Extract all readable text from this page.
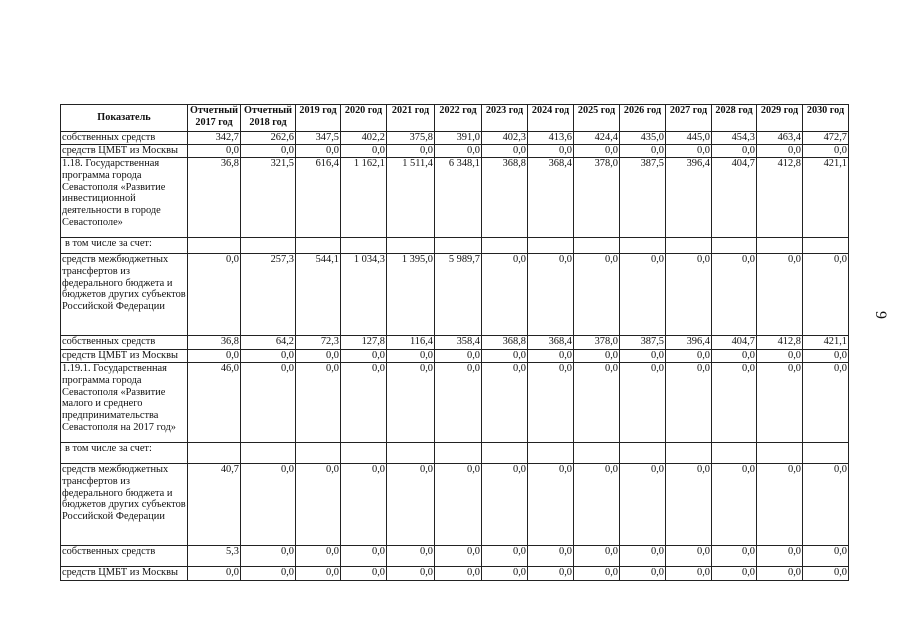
Показатель	Отчетный 2017 год	Отчетный 2018 год	2019 год	2020 год	2021 год	2022 год	2023 год	2024 год	2025 год	2026 год	2027 год	2028 год	2029 год	2030 год
собственных средств	342,7	262,6	347,5	402,2	375,8	391,0	402,3	413,6	424,4	435,0	445,0	454,3	463,4	472,7
средств ЦМБТ из Москвы	0,0	0,0	0,0	0,0	0,0	0,0	0,0	0,0	0,0	0,0	0,0	0,0	0,0	0,0
1.18. Государственная программа города Севастополя «Развитие инвестиционной деятельности в городе Севастополе»	36,8	321,5	616,4	1 162,1	1 511,4	6 348,1	368,8	368,4	378,0	387,5	396,4	404,7	412,8	421,1
в том числе за счет:														
средств межбюджетных трансфертов из федерального бюджета и бюджетов других субъектов Российской Федерации	0,0	257,3	544,1	1 034,3	1 395,0	5 989,7	0,0	0,0	0,0	0,0	0,0	0,0	0,0	0,0
собственных средств	36,8	64,2	72,3	127,8	116,4	358,4	368,8	368,4	378,0	387,5	396,4	404,7	412,8	421,1
средств ЦМБТ из Москвы	0,0	0,0	0,0	0,0	0,0	0,0	0,0	0,0	0,0	0,0	0,0	0,0	0,0	0,0
1.19.1. Государственная программа города Севастополя «Развитие малого и среднего предпринимательства Севастополя на 2017 год»	46,0	0,0	0,0	0,0	0,0	0,0	0,0	0,0	0,0	0,0	0,0	0,0	0,0	0,0
в том числе за счет:														
средств межбюджетных трансфертов из федерального бюджета и бюджетов других субъектов Российской Федерации	40,7	0,0	0,0	0,0	0,0	0,0	0,0	0,0	0,0	0,0	0,0	0,0	0,0	0,0
собственных средств	5,3	0,0	0,0	0,0	0,0	0,0	0,0	0,0	0,0	0,0	0,0	0,0	0,0	0,0
средств ЦМБТ из Москвы	0,0	0,0	0,0	0,0	0,0	0,0	0,0	0,0	0,0	0,0	0,0	0,0	0,0	0,0
9
